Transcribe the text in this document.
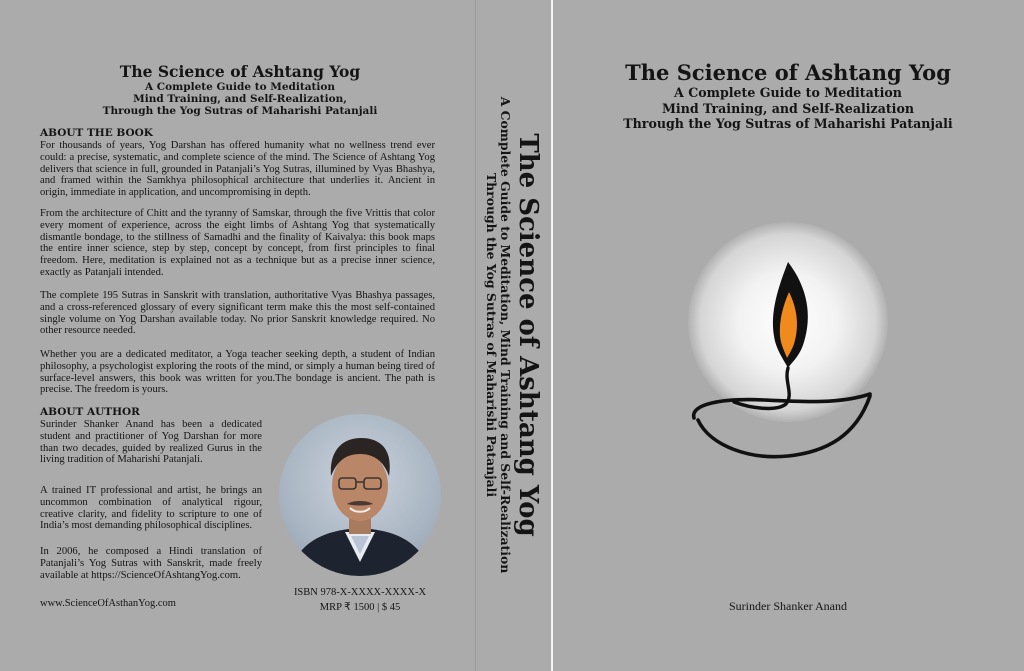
The Science of Ashtang Yog
A Complete Guide to Meditation
Mind Training, and Self-Realization,
Through the Yog Sutras of Maharishi Patanjali
ABOUT THE BOOK
For thousands of years, Yog Darshan has offered humanity what no wellness trend ever could: a precise, systematic, and complete science of the mind. The Science of Ashtang Yog delivers that science in full, grounded in Patanjali’s Yog Sutras, illumined by Vyas Bhashya, and framed within the Samkhya philosophical architecture that underlies it. Ancient in origin, immediate in application, and uncompromising in depth.
From the architecture of Chitt and the tyranny of Samskar, through the five Vrittis that color every moment of experience, across the eight limbs of Ashtang Yog that systematically dismantle bondage, to the stillness of Samadhi and the finality of Kaivalya: this book maps the entire inner science, step by step, concept by concept, from first principles to final freedom. Here, meditation is explained not as a technique but as a precise inner science, exactly as Patanjali intended.
The complete 195 Sutras in Sanskrit with translation, authoritative Vyas Bhashya passages, and a cross-referenced glossary of every significant term make this the most self-contained single volume on Yog Darshan available today. No prior Sanskrit knowledge required. No other resource needed.
Whether you are a dedicated meditator, a Yoga teacher seeking depth, a student of Indian philosophy, a psychologist exploring the roots of the mind, or simply a human being tired of surface-level answers, this book was written for you.The bondage is ancient. The path is precise. The freedom is yours.
ABOUT AUTHOR
Surinder Shanker Anand has been a dedicated student and practitioner of Yog Darshan for more than two decades, guided by realized Gurus in the living tradition of Maharishi Patanjali.
A trained IT professional and artist, he brings an uncommon combination of analytical rigour, creative clarity, and fidelity to scripture to one of India’s most demanding philosophical disciplines.
In 2006, he composed a Hindi translation of Patanjali’s Yog Sutras with Sanskrit, made freely available at https://ScienceOfAshtangYog.com.
ISBN 978-X-XXXX-XXXX-X
MRP ₹ 1500 | $ 45
www.ScienceOfAsthanYog.com
The Science of Ashtang Yog
A Complete Guide to Meditation, Mind Training and Self-Realization
Through the Yog Sutras of Maharishi Patanjali
The Science of Ashtang Yog
A Complete Guide to Meditation
Mind Training, and Self-Realization
Through the Yog Sutras of Maharishi Patanjali
Surinder Shanker Anand
